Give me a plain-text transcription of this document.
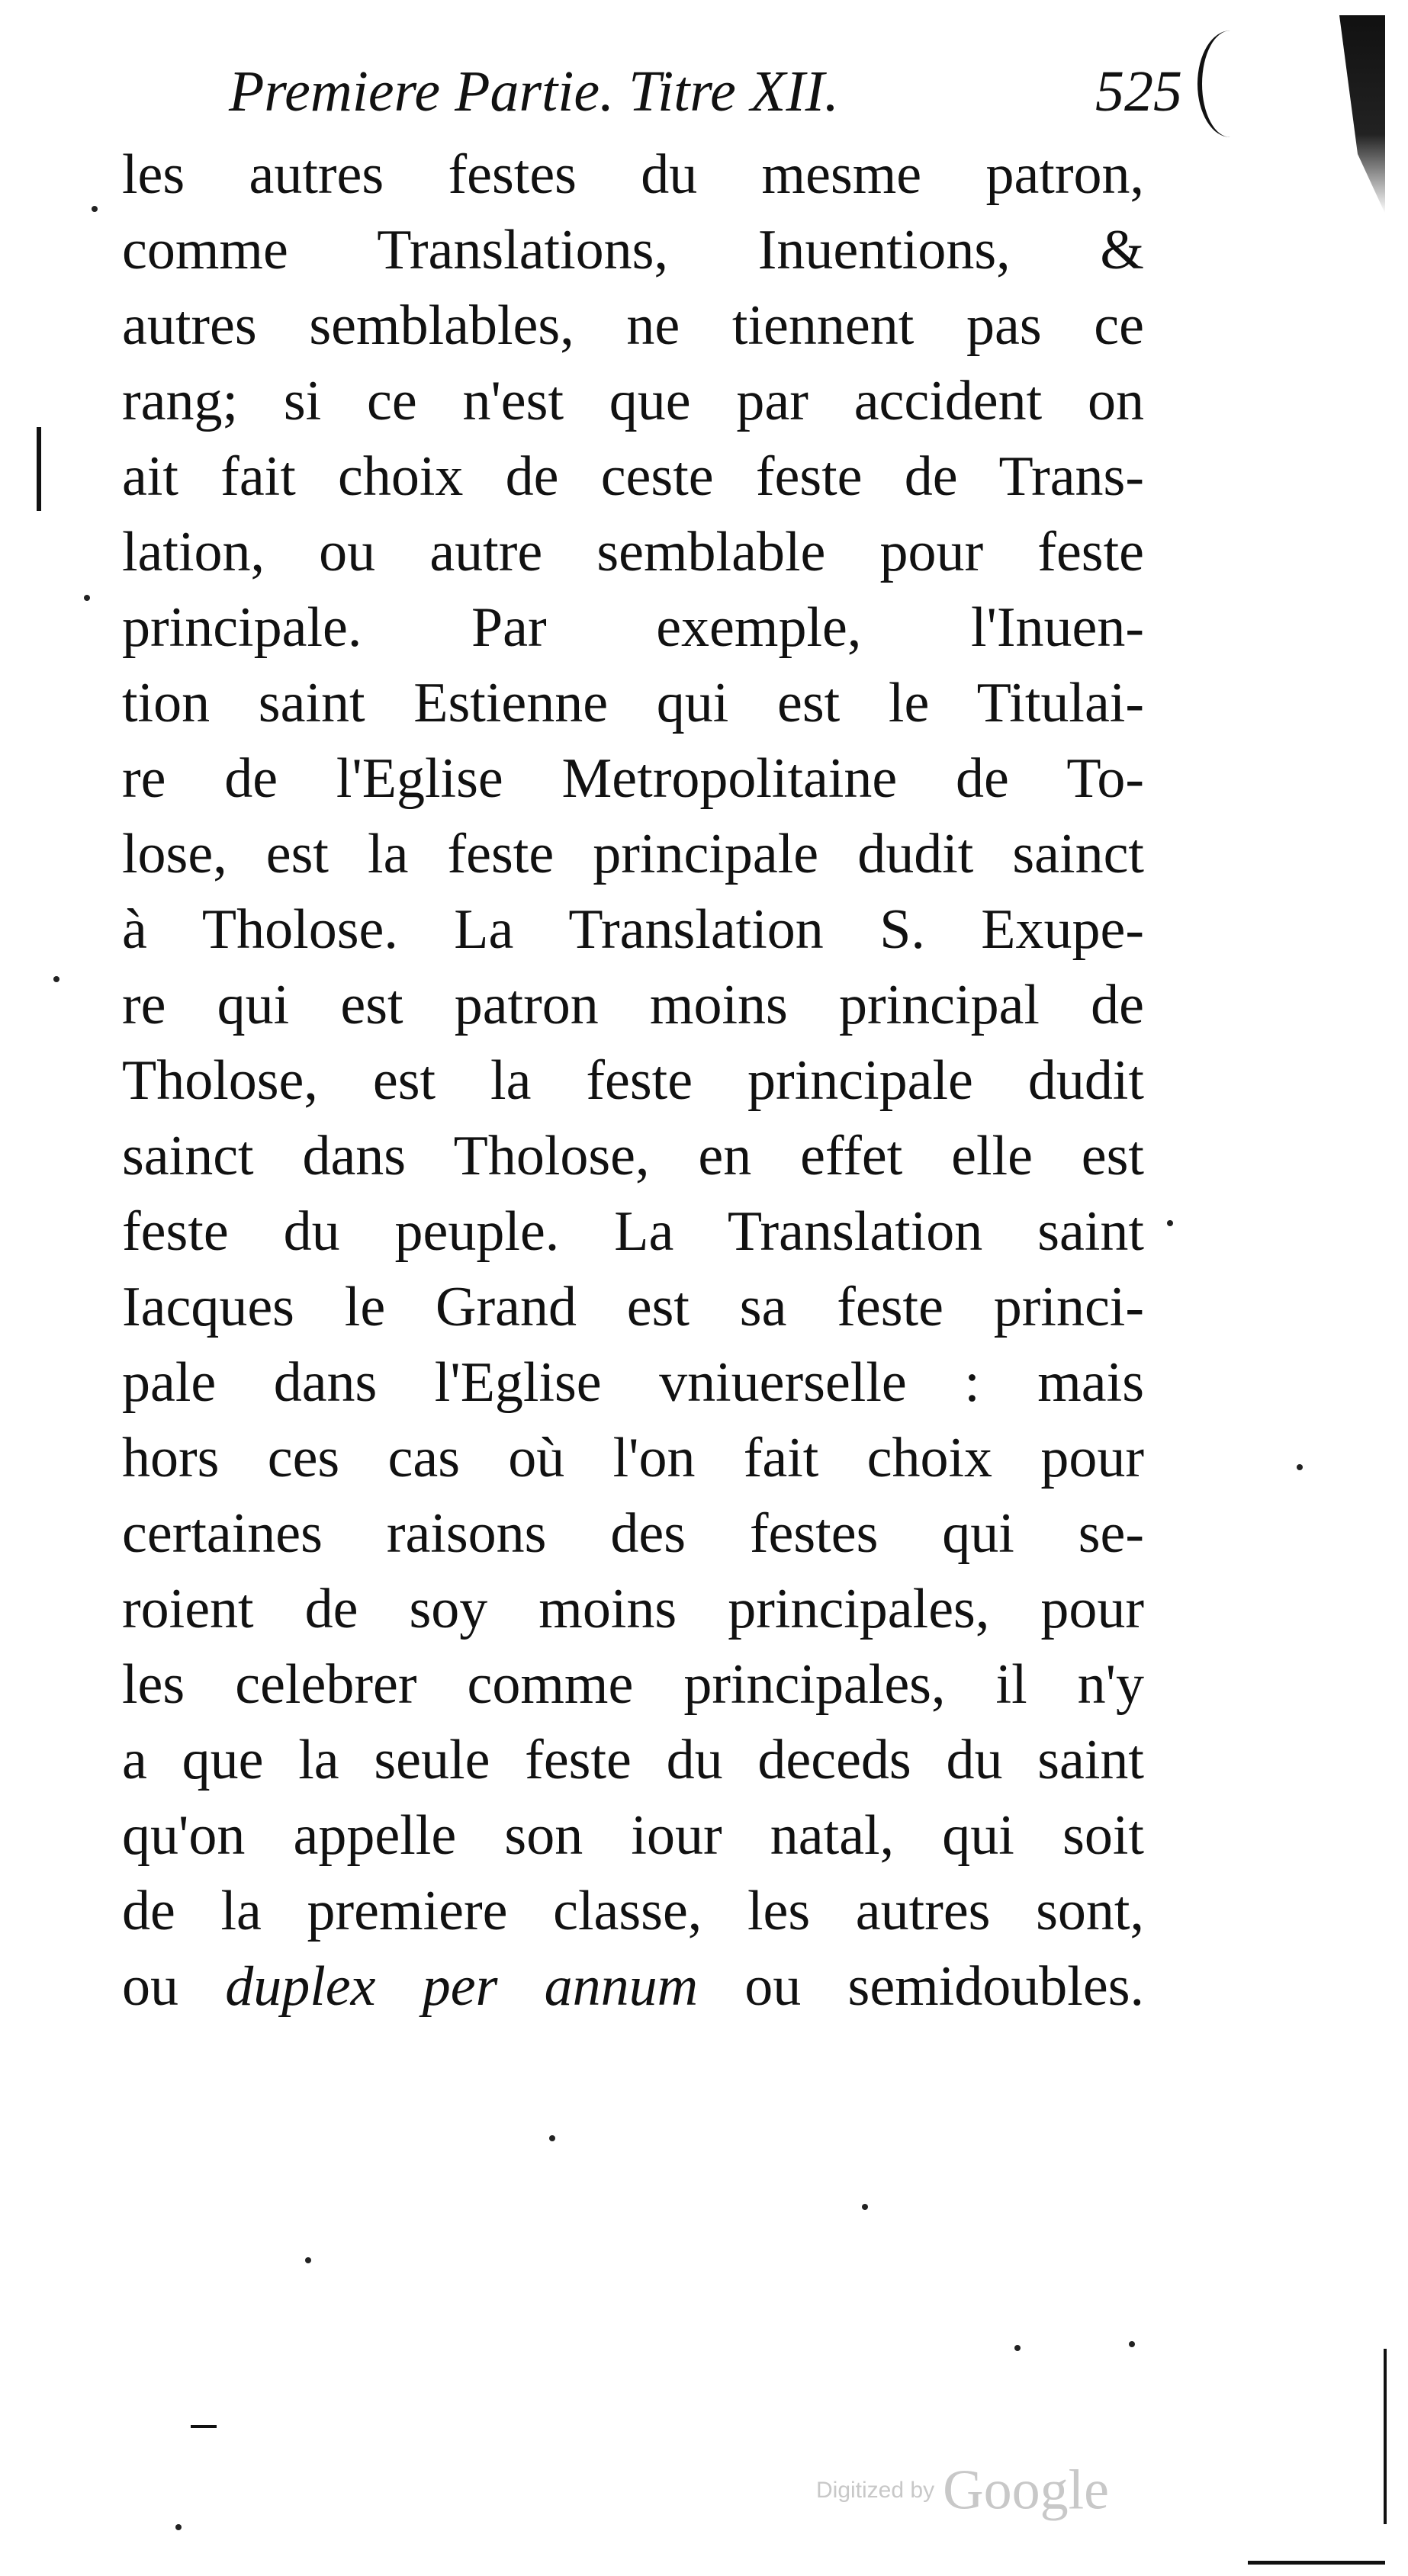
Premiere Partie. Titre XII.	525
les autres festes du mesme patron,
comme Translations, Inuentions, &
autres semblables, ne tiennent pas ce
rang; si ce n'est que par accident on
ait fait choix de ceste feste de Trans-
lation, ou autre semblable pour feste
principale. Par exemple, l'Inuen-
tion saint Estienne qui est le Titulai-
re de l'Eglise Metropolitaine de To-
lose, est la feste principale dudit sainct
à Tholose. La Translation S. Exupe-
re qui est patron moins principal de
Tholose, est la feste principale dudit
sainct dans Tholose, en effet elle est
feste du peuple. La Translation saint
Iacques le Grand est sa feste princi-
pale dans l'Eglise vniuerselle : mais
hors ces cas où l'on fait choix pour
certaines raisons des festes qui se-
roient de soy moins principales, pour
les celebrer comme principales, il n'y
a que la seule feste du deceds du saint
qu'on appelle son iour natal, qui soit
de la premiere classe, les autres sont,
ou duplex per annum ou semidoubles.
Digitized by Google
